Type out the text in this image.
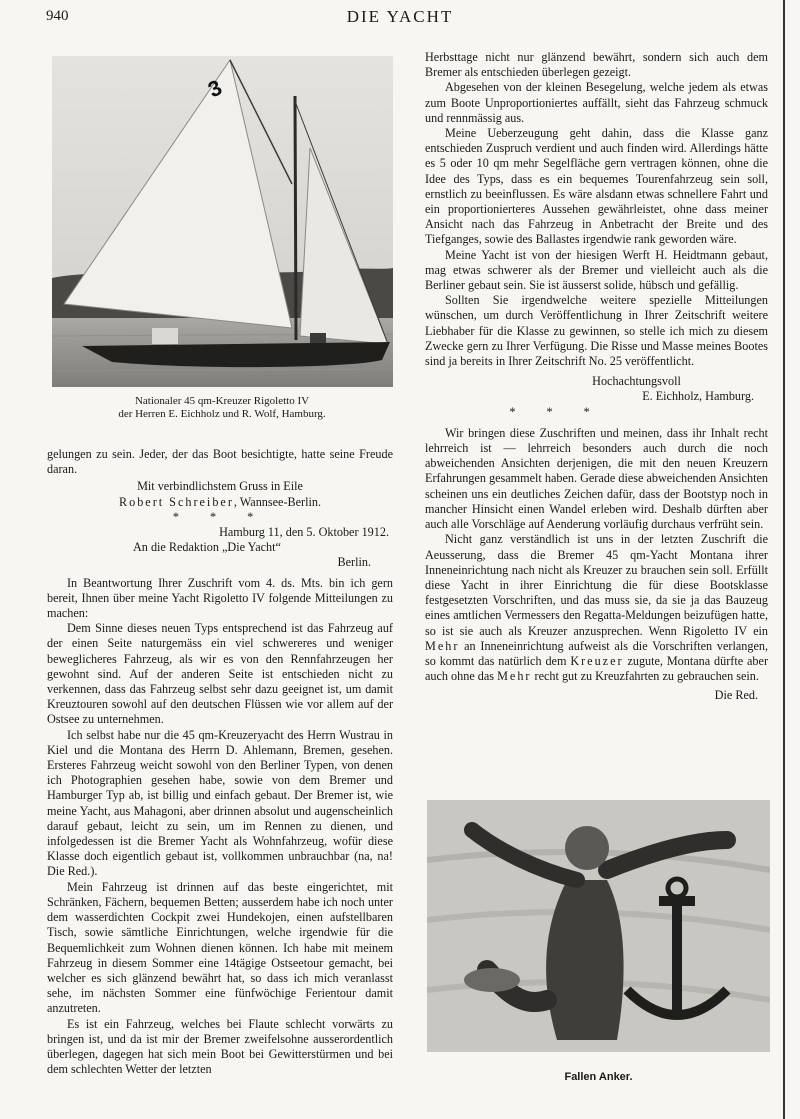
940	DIE YACHT
3
Nationaler 45 qm-Kreuzer Rigoletto IV
der Herren E. Eichholz und R. Wolf, Hamburg.

gelungen zu sein. Jeder, der das Boot besichtigte, hatte seine Freude daran.

Mit verbindlichstem Gruss in Eile

Robert Schreiber, Wannsee-Berlin.

* * *

Hamburg 11, den 5. Oktober 1912.

An die Redaktion „Die Yacht“

Berlin.

In Beantwortung Ihrer Zuschrift vom 4. ds. Mts. bin ich gern bereit, Ihnen über meine Yacht Rigoletto IV folgende Mitteilungen zu machen:

Dem Sinne dieses neuen Typs entsprechend ist das Fahrzeug auf der einen Seite naturgemäss ein viel schwereres und weniger beweglicheres Fahrzeug, als wir es von den Rennfahrzeugen her gewohnt sind. Auf der anderen Seite ist entschieden nicht zu verkennen, dass das Fahrzeug selbst sehr dazu geeignet ist, um damit Kreuztouren sowohl auf den deutschen Flüssen wie vor allem auf der Ostsee zu unternehmen.

Ich selbst habe nur die 45 qm-Kreuzeryacht des Herrn Wustrau in Kiel und die Montana des Herrn D. Ahlemann, Bremen, gesehen. Ersteres Fahrzeug weicht sowohl von den Berliner Typen, von denen ich Photographien gesehen habe, sowie von dem Bremer und Hamburger Typ ab, ist billig und einfach gebaut. Der Bremer ist, wie meine Yacht, aus Mahagoni, aber drinnen absolut und augenscheinlich darauf gebaut, leicht zu sein, um im Rennen zu dienen, und infolgedessen ist die Bremer Yacht als Wohnfahrzeug, wofür diese Klasse doch eigentlich gebaut ist, vollkommen unbrauchbar (na, na! Die Red.).

Mein Fahrzeug ist drinnen auf das beste eingerichtet, mit Schränken, Fächern, bequemen Betten; ausserdem habe ich noch unter dem wasserdichten Cockpit zwei Hundekojen, einen aufstellbaren Tisch, sowie sämtliche Einrichtungen, welche irgendwie für die Bequemlichkeit zum Wohnen dienen können. Ich habe mit meinem Fahrzeug in diesem Sommer eine 14tägige Ostseetour gemacht, bei welcher es sich glänzend bewährt hat, so dass ich mich veranlasst sehe, im nächsten Sommer eine fünfwöchige Ferientour damit anzutreten.

Es ist ein Fahrzeug, welches bei Flaute schlecht vorwärts zu bringen ist, und da ist mir der Bremer zweifelsohne ausserordentlich überlegen, dagegen hat sich mein Boot bei Gewitterstürmen und bei dem schlechten Wetter der letzten

Herbsttage nicht nur glänzend bewährt, sondern sich auch dem Bremer als entschieden überlegen gezeigt.

Abgesehen von der kleinen Besegelung, welche jedem als etwas zum Boote Unproportioniertes auffällt, sieht das Fahrzeug schmuck und rennmässig aus.

Meine Ueberzeugung geht dahin, dass die Klasse ganz entschieden Zuspruch verdient und auch finden wird. Allerdings hätte es 5 oder 10 qm mehr Segelfläche gern vertragen können, ohne die Idee des Typs, dass es ein bequemes Tourenfahrzeug sein soll, ernstlich zu beeinflussen. Es wäre alsdann etwas schnellere Fahrt und ein proportionierteres Aussehen gewährleistet, ohne dass meiner Ansicht nach das Fahrzeug in Anbetracht der Breite und des Tiefganges, sowie des Ballastes irgendwie rank geworden wäre.

Meine Yacht ist von der hiesigen Werft H. Heidtmann gebaut, mag etwas schwerer als der Bremer und vielleicht auch als die Berliner gebaut sein. Sie ist äusserst solide, hübsch und gefällig.

Sollten Sie irgendwelche weitere spezielle Mitteilungen wünschen, um durch Veröffentlichung in Ihrer Zeitschrift weitere Liebhaber für die Klasse zu gewinnen, so stelle ich mich zu diesem Zwecke gern zu Ihrer Verfügung. Die Risse und Masse meines Bootes sind ja bereits in Ihrer Zeitschrift No. 25 veröffentlicht.

Hochachtungsvoll

E. Eichholz, Hamburg.

* * *

Wir bringen diese Zuschriften und meinen, dass ihr Inhalt recht lehrreich ist — lehrreich besonders auch durch die noch abweichenden Ansichten derjenigen, die mit den neuen Kreuzern Erfahrungen gesammelt haben. Gerade diese abweichenden Ansichten scheinen uns ein deutliches Zeichen dafür, dass der Bootstyp noch in mancher Hinsicht einen Wandel erleben wird. Deshalb dürften aber auch alle Vorschläge auf Aenderung vorläufig durchaus verfrüht sein.

Nicht ganz verständlich ist uns in der letzten Zuschrift die Aeusserung, dass die Bremer 45 qm-Yacht Montana ihrer Inneneinrichtung nach nicht als Kreuzer zu brauchen sein soll. Erfüllt diese Yacht in ihrer Einrichtung die für diese Bootsklasse festgesetzten Vorschriften, und das muss sie, da sie ja das Bauzeug eines amtlichen Vermessers den Regatta-Meldungen beizufügen hatte, so ist sie auch als Kreuzer anzusprechen. Wenn Rigoletto IV ein Mehr an Inneneinrichtung aufweist als die Vorschriften verlangen, so kommt das natürlich dem Kreuzer zugute, Montana dürfte aber auch ohne das Mehr recht gut zu Kreuzfahrten zu gebrauchen sein.

Die Red.

Fallen Anker.
